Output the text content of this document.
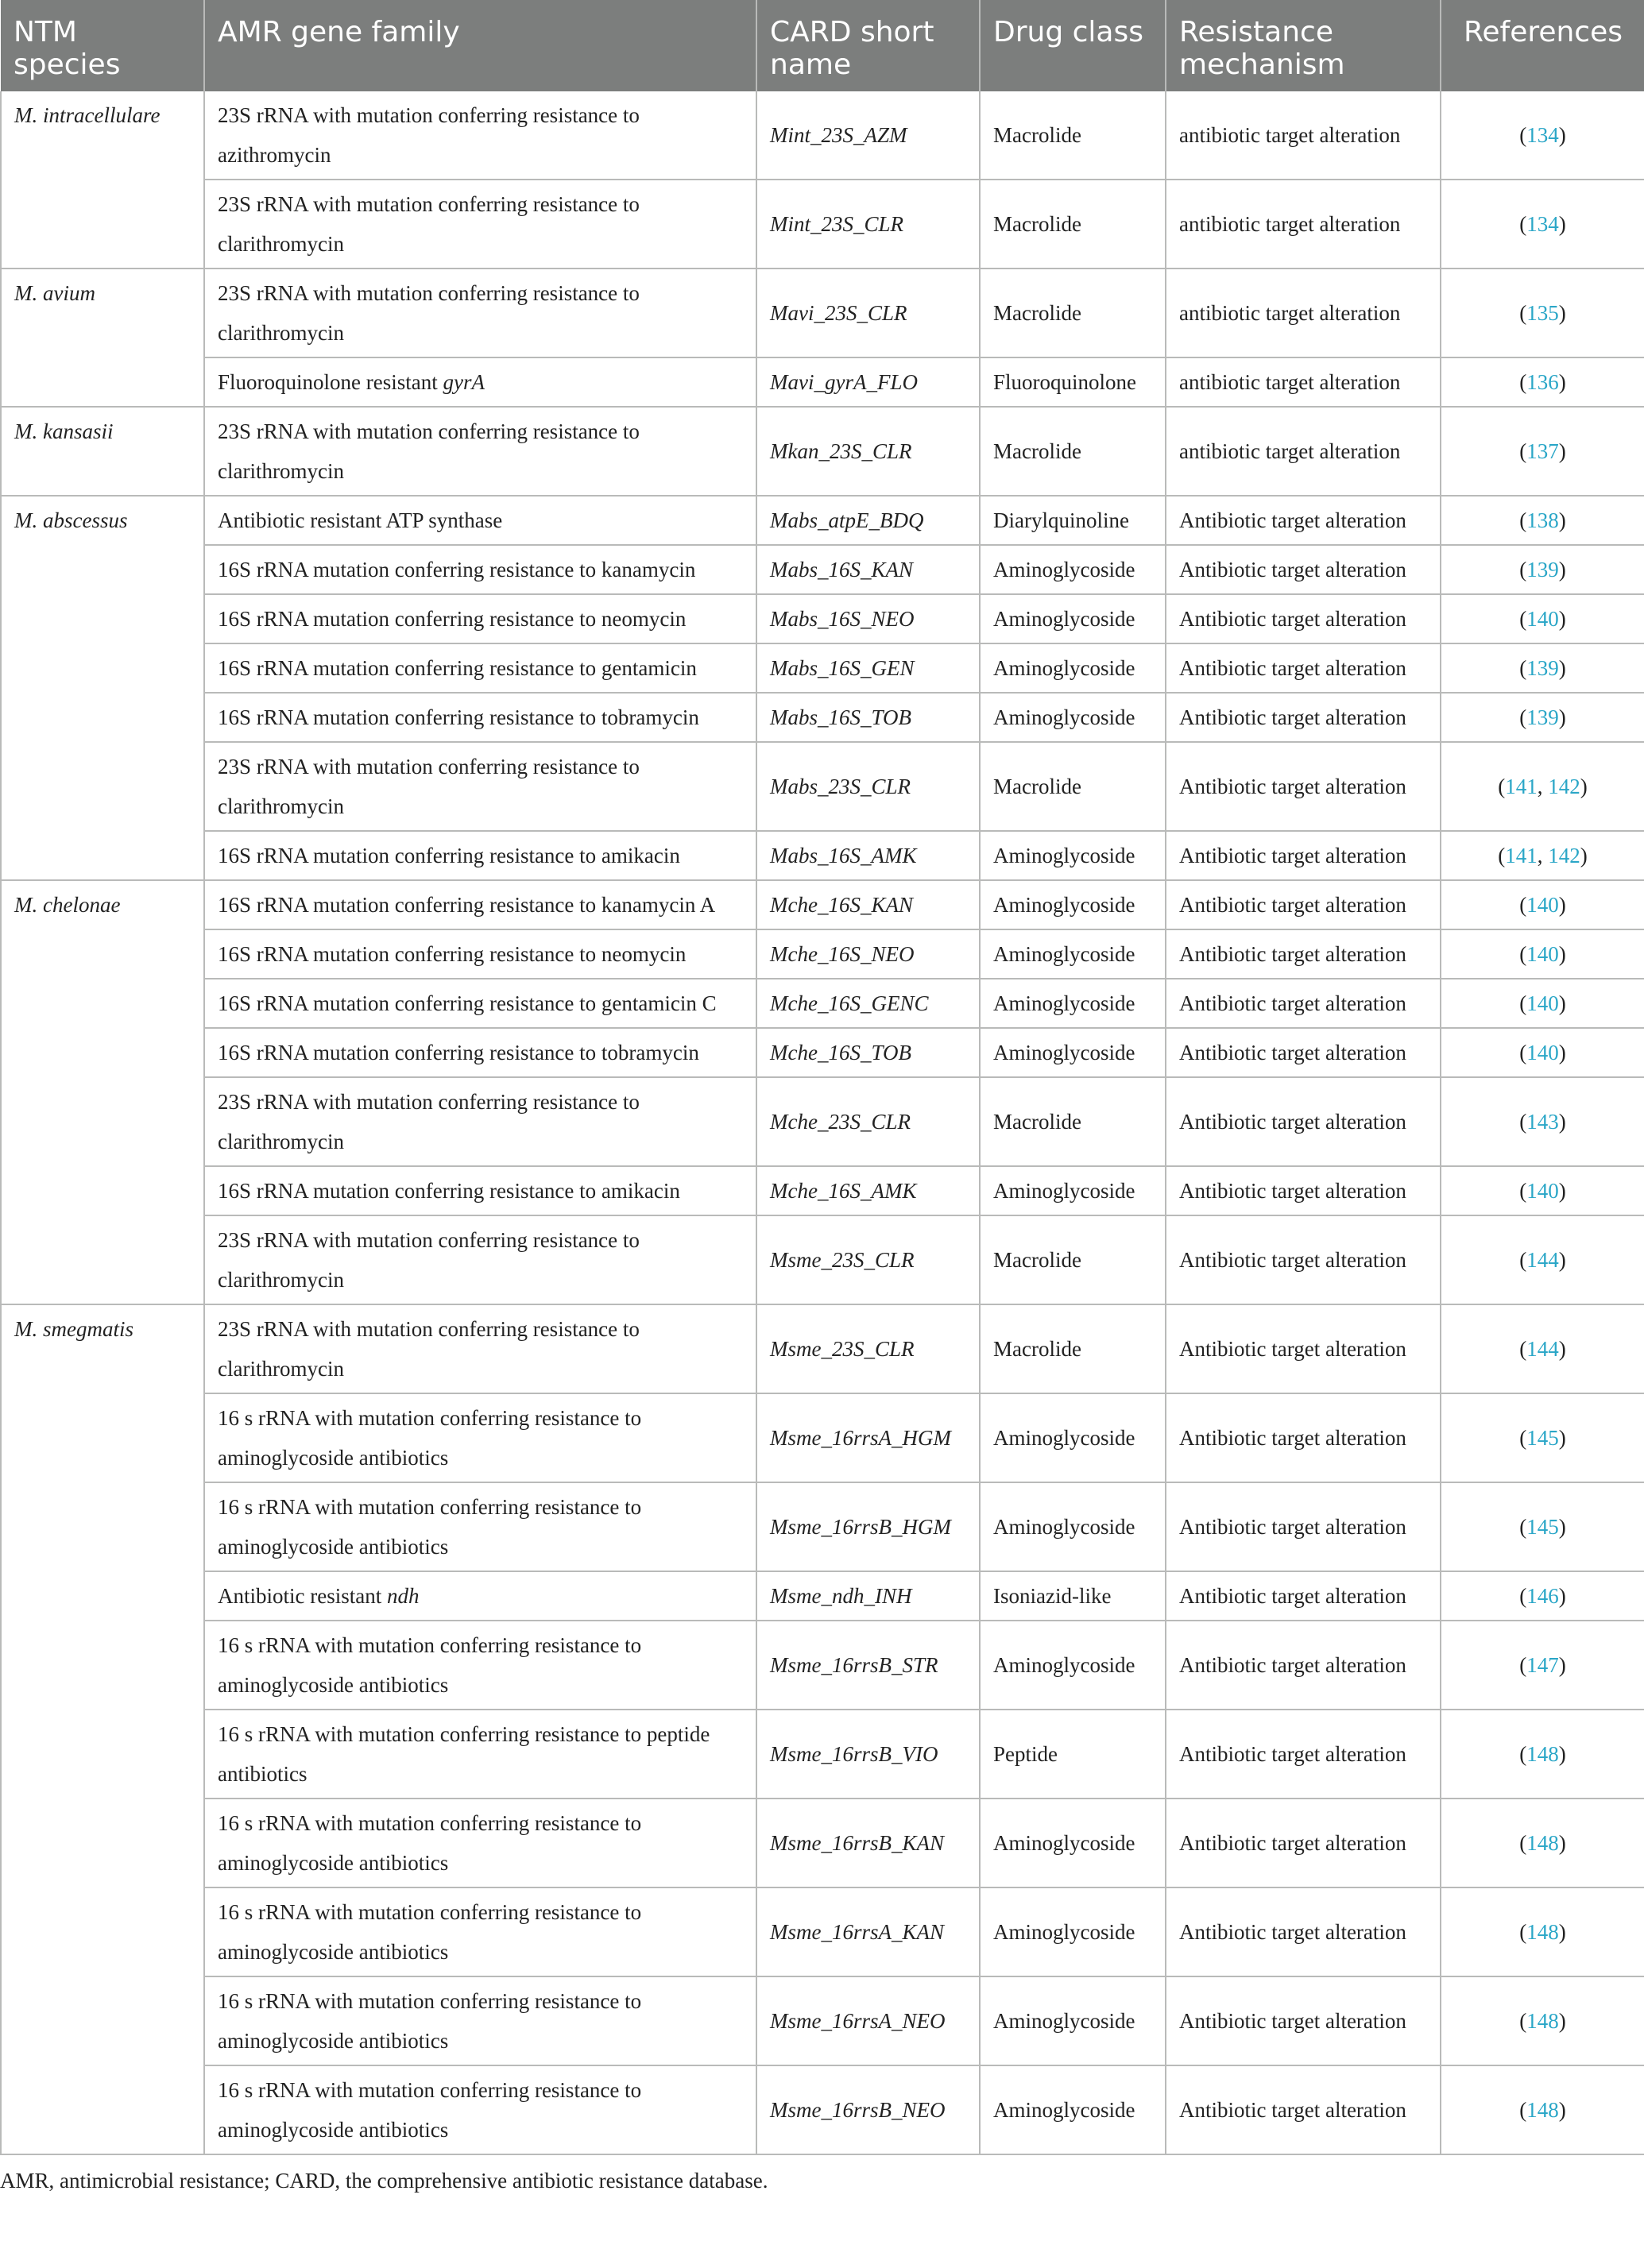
NTM species	AMR gene family	CARD short name	Drug class	Resistance mechanism	References
M. intracellulare	23S rRNA with mutation conferring resistance to azithromycin	Mint_23S_AZM	Macrolide	antibiotic target alteration	(134)
	23S rRNA with mutation conferring resistance to clarithromycin	Mint_23S_CLR	Macrolide	antibiotic target alteration	(134)
M. avium	23S rRNA with mutation conferring resistance to clarithromycin	Mavi_23S_CLR	Macrolide	antibiotic target alteration	(135)
	Fluoroquinolone resistant gyrA	Mavi_gyrA_FLO	Fluoroquinolone	antibiotic target alteration	(136)
M. kansasii	23S rRNA with mutation conferring resistance to clarithromycin	Mkan_23S_CLR	Macrolide	antibiotic target alteration	(137)
M. abscessus	Antibiotic resistant ATP synthase	Mabs_atpE_BDQ	Diarylquinoline	Antibiotic target alteration	(138)
	16S rRNA mutation conferring resistance to kanamycin	Mabs_16S_KAN	Aminoglycoside	Antibiotic target alteration	(139)
	16S rRNA mutation conferring resistance to neomycin	Mabs_16S_NEO	Aminoglycoside	Antibiotic target alteration	(140)
	16S rRNA mutation conferring resistance to gentamicin	Mabs_16S_GEN	Aminoglycoside	Antibiotic target alteration	(139)
	16S rRNA mutation conferring resistance to tobramycin	Mabs_16S_TOB	Aminoglycoside	Antibiotic target alteration	(139)
	23S rRNA with mutation conferring resistance to clarithromycin	Mabs_23S_CLR	Macrolide	Antibiotic target alteration	(141, 142)
	16S rRNA mutation conferring resistance to amikacin	Mabs_16S_AMK	Aminoglycoside	Antibiotic target alteration	(141, 142)
M. chelonae	16S rRNA mutation conferring resistance to kanamycin A	Mche_16S_KAN	Aminoglycoside	Antibiotic target alteration	(140)
	16S rRNA mutation conferring resistance to neomycin	Mche_16S_NEO	Aminoglycoside	Antibiotic target alteration	(140)
	16S rRNA mutation conferring resistance to gentamicin C	Mche_16S_GENC	Aminoglycoside	Antibiotic target alteration	(140)
	16S rRNA mutation conferring resistance to tobramycin	Mche_16S_TOB	Aminoglycoside	Antibiotic target alteration	(140)
	23S rRNA with mutation conferring resistance to clarithromycin	Mche_23S_CLR	Macrolide	Antibiotic target alteration	(143)
	16S rRNA mutation conferring resistance to amikacin	Mche_16S_AMK	Aminoglycoside	Antibiotic target alteration	(140)
	23S rRNA with mutation conferring resistance to clarithromycin	Msme_23S_CLR	Macrolide	Antibiotic target alteration	(144)
M. smegmatis	23S rRNA with mutation conferring resistance to clarithromycin	Msme_23S_CLR	Macrolide	Antibiotic target alteration	(144)
	16 s rRNA with mutation conferring resistance to aminoglycoside antibiotics	Msme_16rrsA_HGM	Aminoglycoside	Antibiotic target alteration	(145)
	16 s rRNA with mutation conferring resistance to aminoglycoside antibiotics	Msme_16rrsB_HGM	Aminoglycoside	Antibiotic target alteration	(145)
	Antibiotic resistant ndh	Msme_ndh_INH	Isoniazid-like	Antibiotic target alteration	(146)
	16 s rRNA with mutation conferring resistance to aminoglycoside antibiotics	Msme_16rrsB_STR	Aminoglycoside	Antibiotic target alteration	(147)
	16 s rRNA with mutation conferring resistance to peptide antibiotics	Msme_16rrsB_VIO	Peptide	Antibiotic target alteration	(148)
	16 s rRNA with mutation conferring resistance to aminoglycoside antibiotics	Msme_16rrsB_KAN	Aminoglycoside	Antibiotic target alteration	(148)
	16 s rRNA with mutation conferring resistance to aminoglycoside antibiotics	Msme_16rrsA_KAN	Aminoglycoside	Antibiotic target alteration	(148)
	16 s rRNA with mutation conferring resistance to aminoglycoside antibiotics	Msme_16rrsA_NEO	Aminoglycoside	Antibiotic target alteration	(148)
	16 s rRNA with mutation conferring resistance to aminoglycoside antibiotics	Msme_16rrsB_NEO	Aminoglycoside	Antibiotic target alteration	(148)
AMR, antimicrobial resistance; CARD, the comprehensive antibiotic resistance database.
